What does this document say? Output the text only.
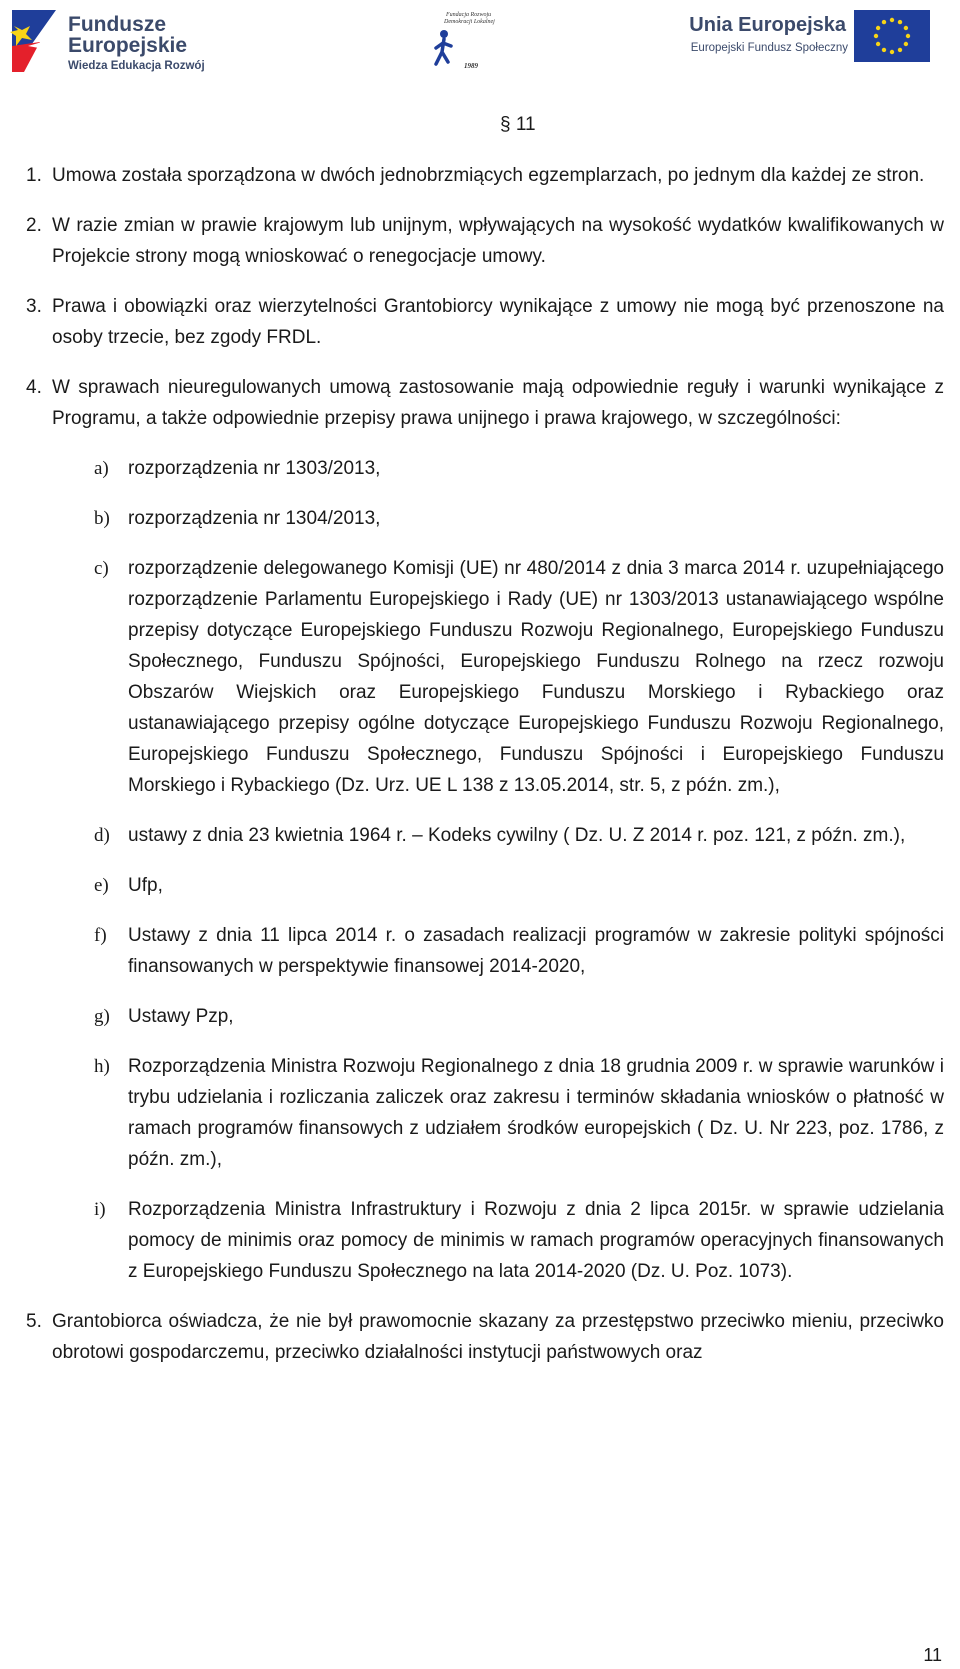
Fundusze
Europejskie
Wiedza Edukacja Rozwój
Fundacja Rozwoju
Demokracji Lokalnej
1989
Unia Europejska
Europejski Fundusz Społeczny
§ 11
1. Umowa została sporządzona w dwóch jednobrzmiących egzemplarzach, po jednym dla każdej ze stron.
2. W razie zmian w prawie krajowym lub unijnym, wpływających na wysokość wydatków kwalifikowanych w Projekcie strony mogą wnioskować o renegocjacje umowy.
3. Prawa i obowiązki oraz wierzytelności Grantobiorcy wynikające z umowy nie mogą być przenoszone na osoby trzecie, bez zgody FRDL.
4. W sprawach nieuregulowanych umową zastosowanie mają odpowiednie reguły i warunki wynikające z Programu, a także odpowiednie przepisy prawa unijnego i prawa krajowego, w szczególności:
a)	rozporządzenia nr 1303/2013,
b) rozporządzenia nr 1304/2013,
c)	rozporządzenie delegowanego Komisji (UE) nr 480/2014 z dnia 3 marca 2014 r. uzupełniającego rozporządzenie Parlamentu Europejskiego i Rady (UE) nr 1303/2013 ustanawiającego wspólne przepisy dotyczące Europejskiego Funduszu Rozwoju Regionalnego, Europejskiego Funduszu Społecznego, Funduszu Spójności, Europejskiego Funduszu Rolnego na rzecz rozwoju Obszarów Wiejskich oraz Europejskiego Funduszu Morskiego i Rybackiego oraz ustanawiającego przepisy ogólne dotyczące Europejskiego Funduszu Rozwoju Regionalnego, Europejskiego Funduszu Społecznego, Funduszu Spójności i Europejskiego Funduszu Morskiego i Rybackiego (Dz. Urz. UE L 138 z 13.05.2014, str. 5, z późn. zm.),
d) ustawy z dnia 23 kwietnia 1964 r. – Kodeks cywilny ( Dz. U. Z 2014 r. poz. 121, z późn. zm.),
e)	Ufp,
f)	Ustawy z dnia 11 lipca 2014 r. o zasadach realizacji programów w zakresie polityki spójności finansowanych w perspektywie finansowej 2014-2020,
g) Ustawy Pzp,
h) Rozporządzenia Ministra Rozwoju Regionalnego z dnia 18 grudnia 2009 r. w sprawie warunków i trybu udzielania i rozliczania zaliczek oraz zakresu i terminów składania wniosków o płatność w ramach programów finansowych z udziałem środków europejskich ( Dz. U. Nr 223, poz. 1786, z późn. zm.),
i)	Rozporządzenia Ministra Infrastruktury i Rozwoju z dnia 2 lipca 2015r. w sprawie udzielania pomocy de minimis oraz pomocy de minimis w ramach programów operacyjnych finansowanych z Europejskiego Funduszu Społecznego na lata 2014-2020 (Dz. U. Poz. 1073).
5. Grantobiorca oświadcza, że nie był prawomocnie skazany za przestępstwo przeciwko mieniu, przeciwko obrotowi gospodarczemu, przeciwko działalności instytucji państwowych oraz
11
